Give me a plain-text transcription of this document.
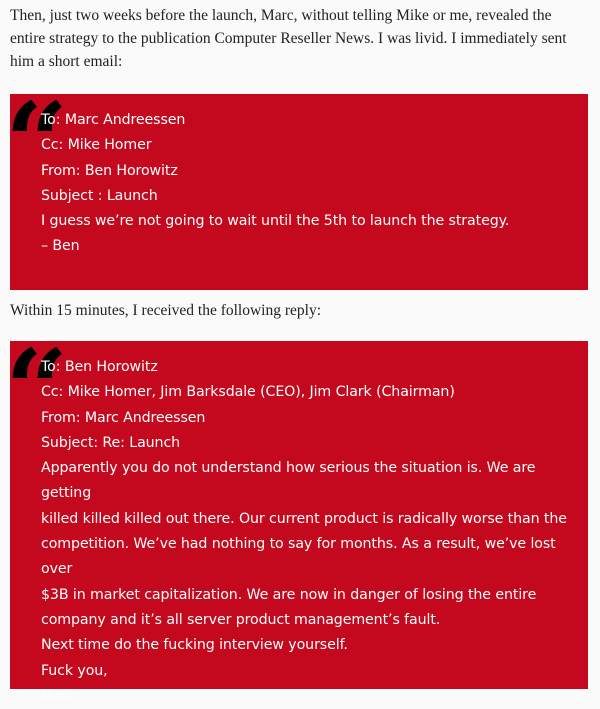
Then, just two weeks before the launch, Marc, without telling Mike or me, revealed the entire strategy to the publication Computer Reseller News. I was livid. I immediately sent him a short email:

“
To: Marc Andreessen
Cc: Mike Homer
From: Ben Horowitz
Subject : Launch
I guess we’re not going to wait until the 5th to launch the strategy.
– Ben

Within 15 minutes, I received the following reply:

“
To: Ben Horowitz
Cc: Mike Homer, Jim Barksdale (CEO), Jim Clark (Chairman)
From: Marc Andreessen
Subject: Re: Launch
Apparently you do not understand how serious the situation is. We are getting
killed killed killed out there. Our current product is radically worse than the
competition. We’ve had nothing to say for months. As a result, we’ve lost over
$3B in market capitalization. We are now in danger of losing the entire
company and it’s all server product management’s fault.
Next time do the fucking interview yourself.
Fuck you,
Marc
